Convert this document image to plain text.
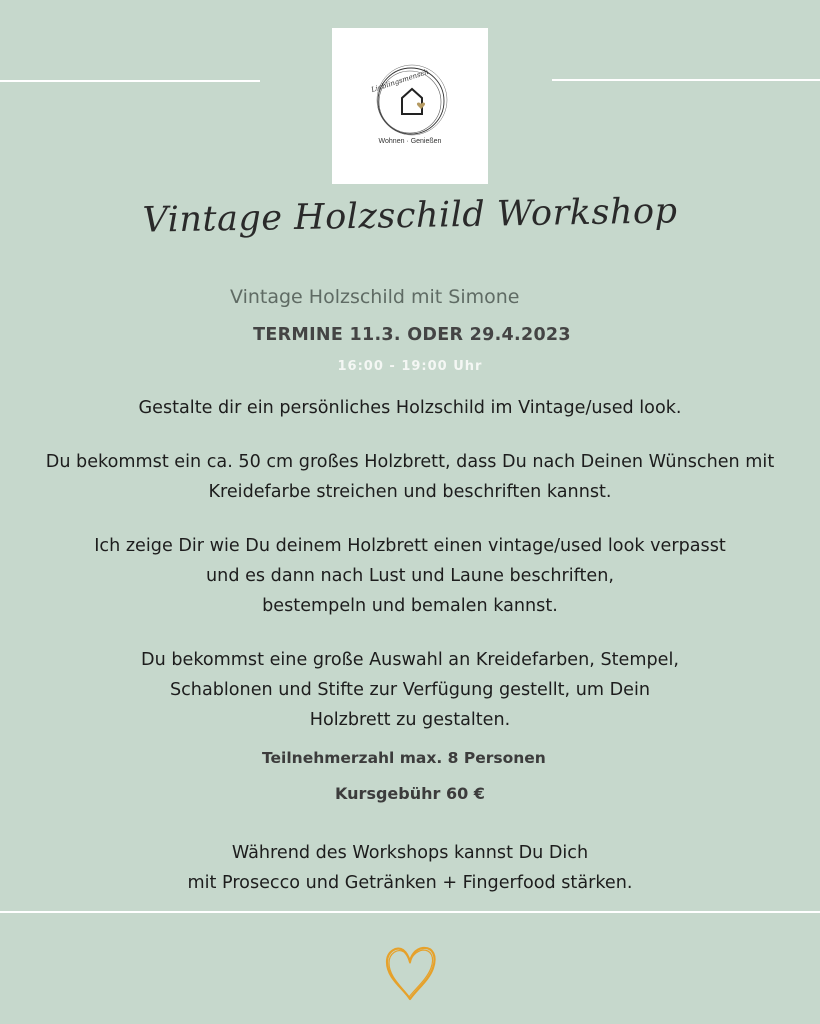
Lieblingsmensch
Wohnen · Genießen
Vintage Holzschild Workshop
Vintage Holzschild mit Simone
TERMINE 11.3. ODER 29.4.2023
16:00 - 19:00 Uhr
Gestalte dir ein persönliches Holzschild im Vintage/used look.
Du bekommst ein ca. 50 cm großes Holzbrett, dass Du nach Deinen Wünschen mit
Kreidefarbe streichen und beschriften kannst.
Ich zeige Dir wie Du deinem Holzbrett einen vintage/used look verpasst
und es dann nach Lust und Laune beschriften,
bestempeln und bemalen kannst.
Du bekommst eine große Auswahl an Kreidefarben, Stempel,
Schablonen und Stifte zur Verfügung gestellt, um Dein
Holzbrett zu gestalten.
Teilnehmerzahl max. 8 Personen
Kursgebühr 60 €
Während des Workshops kannst Du Dich
mit Prosecco und Getränken + Fingerfood stärken.
